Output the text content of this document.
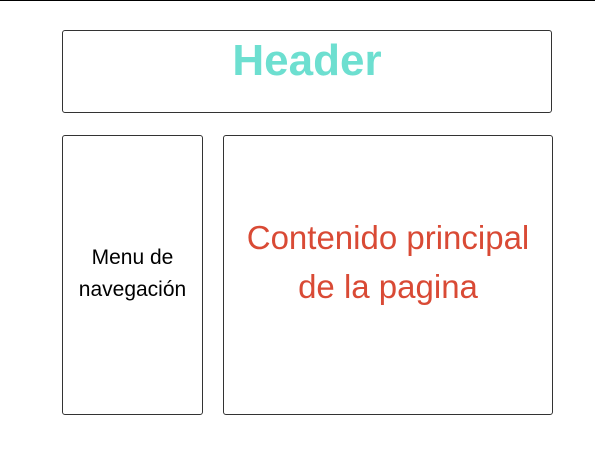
Header
Menu de
navegación
Contenido principal
de la pagina
